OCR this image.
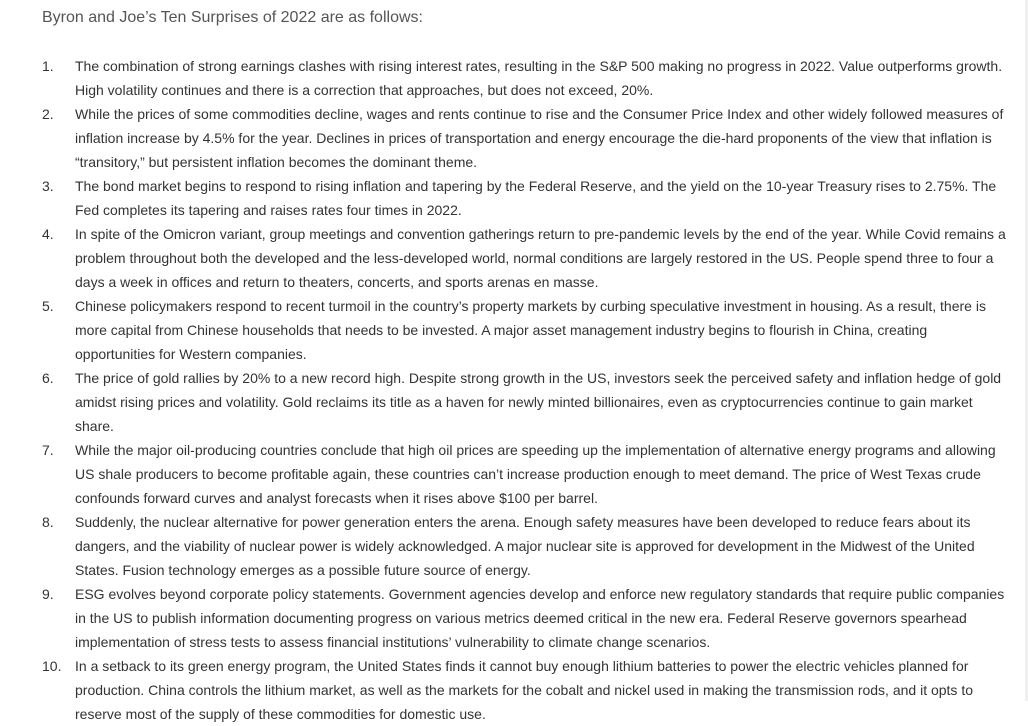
Byron and Joe’s Ten Surprises of 2022 are as follows:

1. The combination of strong earnings clashes with rising interest rates, resulting in the S&P 500 making no progress in 2022. Value outperforms growth. High volatility continues and there is a correction that approaches, but does not exceed, 20%.
2. While the prices of some commodities decline, wages and rents continue to rise and the Consumer Price Index and other widely followed measures of inflation increase by 4.5% for the year. Declines in prices of transportation and energy encourage the die-hard proponents of the view that inflation is “transitory,” but persistent inflation becomes the dominant theme.
3. The bond market begins to respond to rising inflation and tapering by the Federal Reserve, and the yield on the 10-year Treasury rises to 2.75%. The Fed completes its tapering and raises rates four times in 2022.
4. In spite of the Omicron variant, group meetings and convention gatherings return to pre-pandemic levels by the end of the year. While Covid remains a problem throughout both the developed and the less-developed world, normal conditions are largely restored in the US. People spend three to four a days a week in offices and return to theaters, concerts, and sports arenas en masse.
5. Chinese policymakers respond to recent turmoil in the country’s property markets by curbing speculative investment in housing. As a result, there is more capital from Chinese households that needs to be invested. A major asset management industry begins to flourish in China, creating opportunities for Western companies.
6. The price of gold rallies by 20% to a new record high. Despite strong growth in the US, investors seek the perceived safety and inflation hedge of gold amidst rising prices and volatility. Gold reclaims its title as a haven for newly minted billionaires, even as cryptocurrencies continue to gain market share.
7. While the major oil-producing countries conclude that high oil prices are speeding up the implementation of alternative energy programs and allowing US shale producers to become profitable again, these countries can’t increase production enough to meet demand. The price of West Texas crude confounds forward curves and analyst forecasts when it rises above $100 per barrel.
8. Suddenly, the nuclear alternative for power generation enters the arena. Enough safety measures have been developed to reduce fears about its dangers, and the viability of nuclear power is widely acknowledged. A major nuclear site is approved for development in the Midwest of the United States. Fusion technology emerges as a possible future source of energy.
9. ESG evolves beyond corporate policy statements. Government agencies develop and enforce new regulatory standards that require public companies in the US to publish information documenting progress on various metrics deemed critical in the new era. Federal Reserve governors spearhead implementation of stress tests to assess financial institutions’ vulnerability to climate change scenarios.
10. In a setback to its green energy program, the United States finds it cannot buy enough lithium batteries to power the electric vehicles planned for production. China controls the lithium market, as well as the markets for the cobalt and nickel used in making the transmission rods, and it opts to reserve most of the supply of these commodities for domestic use.
